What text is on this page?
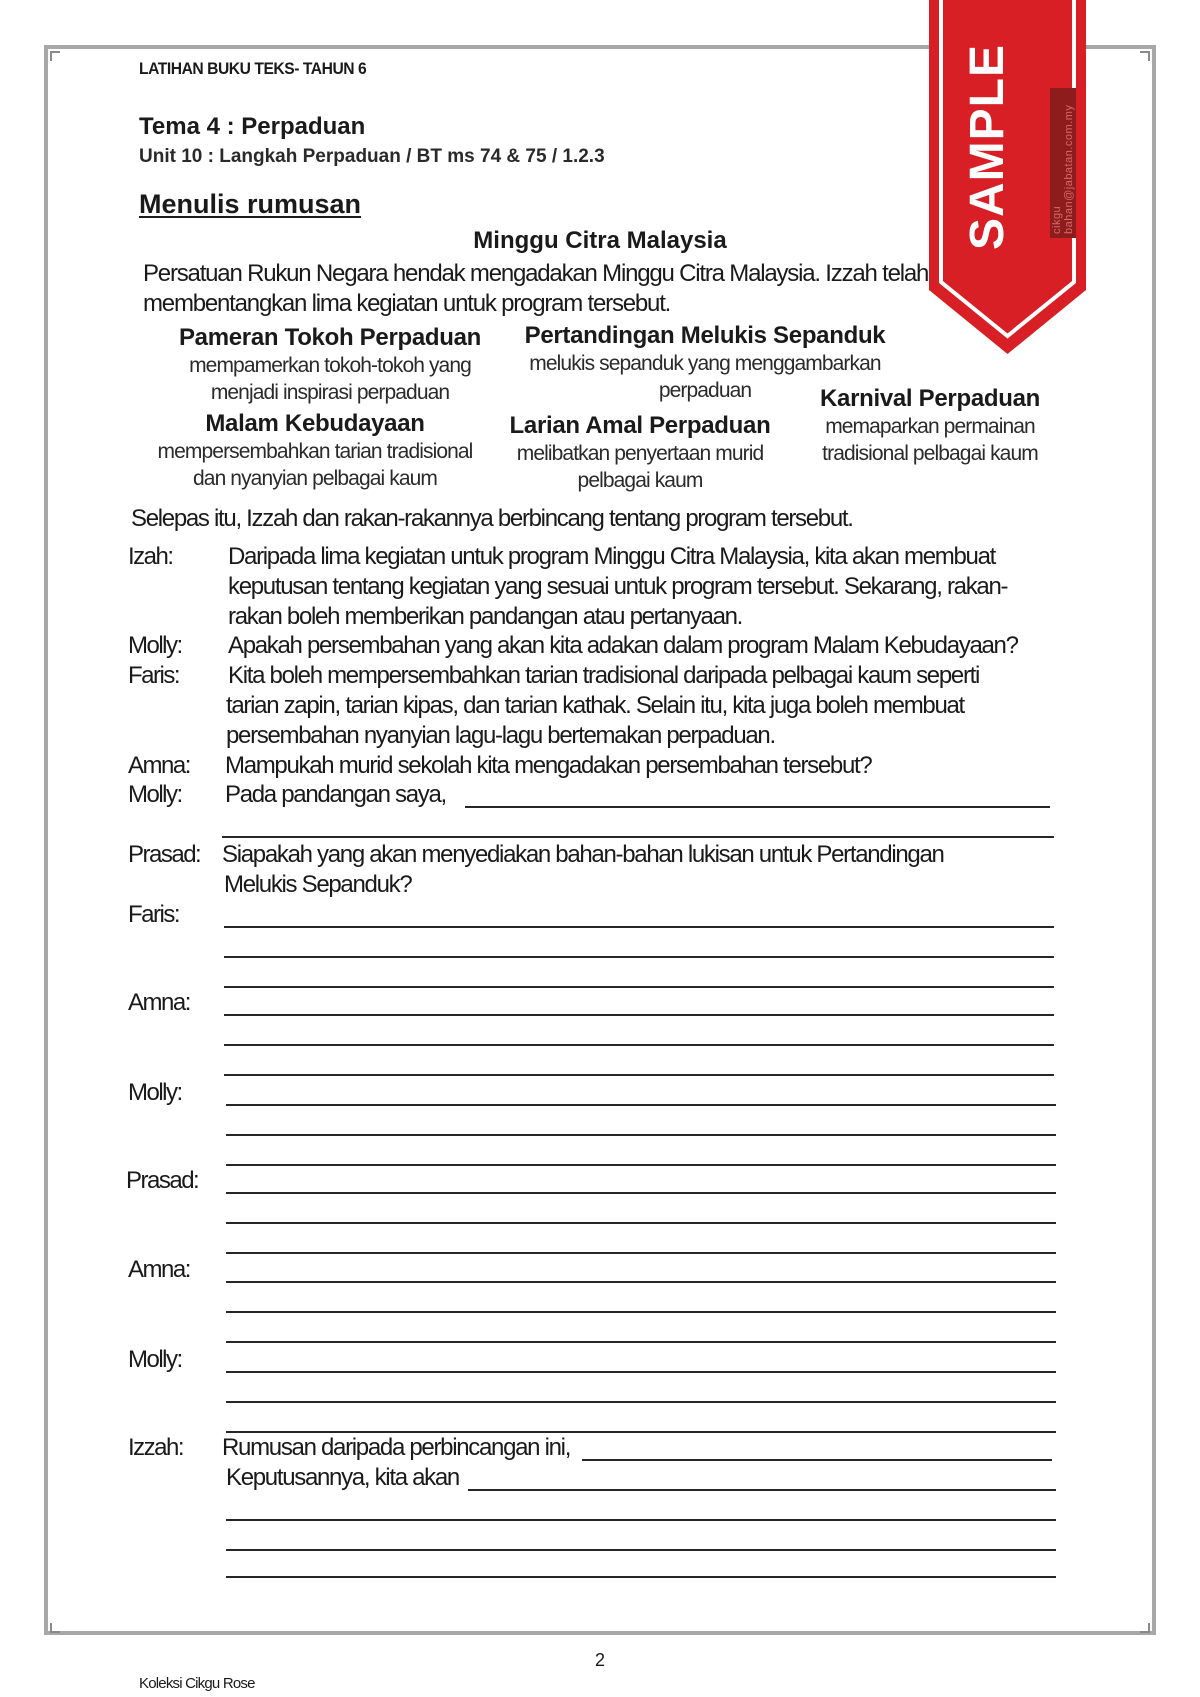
LATIHAN BUKU TEKS- TAHUN 6
Tema 4 : Perpaduan
Unit 10 : Langkah Perpaduan / BT ms 74 & 75 / 1.2.3
Menulis rumusan
Minggu Citra Malaysia
Persatuan Rukun Negara hendak mengadakan Minggu Citra Malaysia. Izzah telah
membentangkan lima kegiatan untuk program tersebut.
Pameran Tokoh Perpaduan
mempamerkan tokoh-tokoh yang
menjadi inspirasi perpaduan
Pertandingan Melukis Sepanduk
melukis sepanduk yang menggambarkan
perpaduan	Karnival Perpaduan
memaparkan permainan
tradisional pelbagai kaum
Malam Kebudayaan
mempersembahkan tarian tradisional
dan nyanyian pelbagai kaum
Larian Amal Perpaduan
melibatkan penyertaan murid
pelbagai kaum
Selepas itu, Izzah dan rakan-rakannya berbincang tentang program tersebut.
Izah: Daripada lima kegiatan untuk program Minggu Citra Malaysia, kita akan membuat
keputusan tentang kegiatan yang sesuai untuk program tersebut. Sekarang, rakan-
rakan boleh memberikan pandangan atau pertanyaan.
Molly: Apakah persembahan yang akan kita adakan dalam program Malam Kebudayaan?
Faris: Kita boleh mempersembahkan tarian tradisional daripada pelbagai kaum seperti
tarian zapin, tarian kipas, dan tarian kathak. Selain itu, kita juga boleh membuat
persembahan nyanyian lagu-lagu bertemakan perpaduan.
Amna: Mampukah murid sekolah kita mengadakan persembahan tersebut?
Molly: Pada pandangan saya,
Prasad: Siapakah yang akan menyediakan bahan-bahan lukisan untuk Pertandingan
Melukis Sepanduk?
Faris:
Amna:
Molly:
Prasad:
Amna:
Molly:
Izzah: Rumusan daripada perbincangan ini,
Keputusannya, kita akan
2
Koleksi Cikgu Rose
SAMPLE	cikgu bahan@jabatan.com.my
